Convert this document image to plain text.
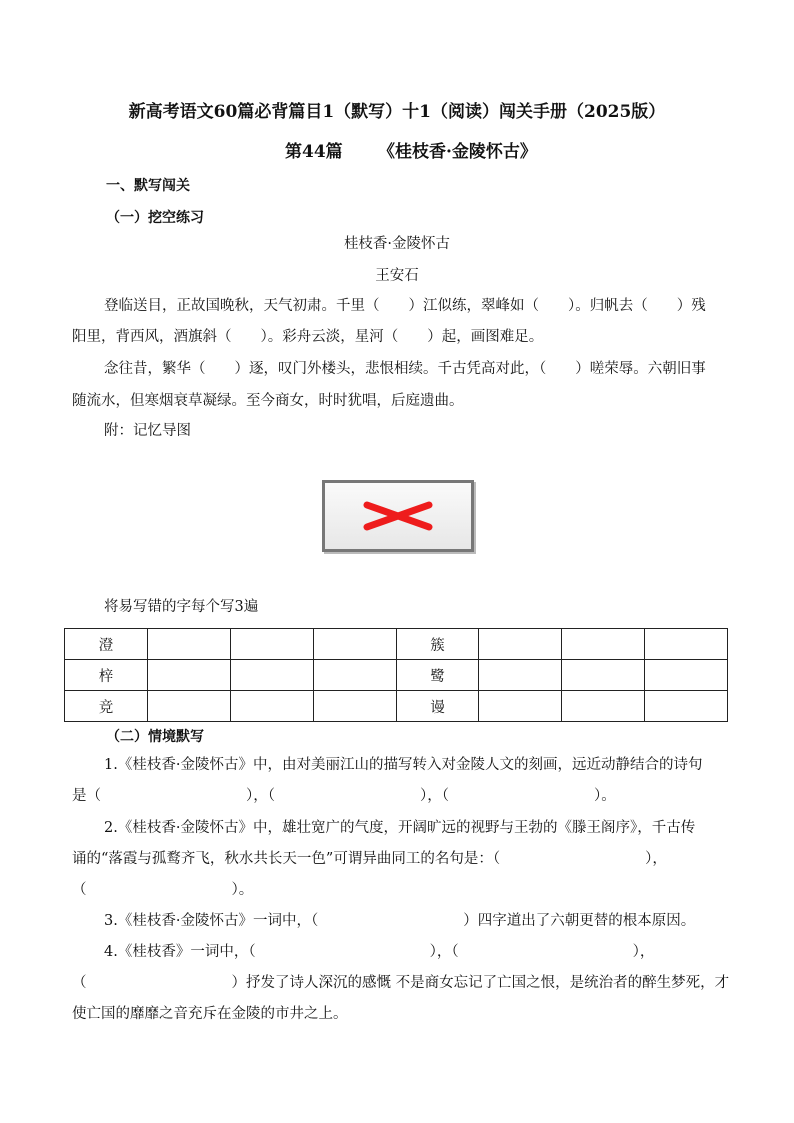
新高考语文60篇必背篇目1（默写）十1（阅读）闯关手册（2025版）
第44篇 《桂枝香·金陵怀古》
一、默写闯关
（一）挖空练习
桂枝香·金陵怀古
王安石
登临送目，正故国晚秋，天气初肃。千里（　　）江似练，翠峰如（　　）。归帆去（　　）残
阳里，背西风，酒旗斜（　　）。彩舟云淡，星河（　　）起，画图难足。
念往昔，繁华（　　）逐，叹门外楼头，悲恨相续。千古凭高对此，（　　）嗟荣辱。六朝旧事
随流水，但寒烟衰草凝绿。至今商女，时时犹唱，后庭遗曲。
附：记忆导图
将易写错的字每个写3遍
澄				簇			
梓				鹭			
竞				谩			
（二）情境默写
1.《桂枝香·金陵怀古》中，由对美丽江山的描写转入对金陵人文的刻画，远近动静结合的诗句
是（　　　　　　　　　　），（　　　　　　　　　　），（　　　　　　　　　　）。
2.《桂枝香·金陵怀古》中，雄壮宽广的气度，开阔旷远的视野与王勃的《滕王阁序》，千古传
诵的“落霞与孤鹜齐飞，秋水共长天一色”可谓异曲同工的名句是：（　　　　　　　　　　），
（　　　　　　　　　　）。
3.《桂枝香·金陵怀古》一词中，（　　　　　　　　　　）四字道出了六朝更替的根本原因。
4.《桂枝香》一词中，（　　　　　　　　　　　　），（　　　　　　　　　　　　），
（　　　　　　　　　　）抒发了诗人深沉的感慨 不是商女忘记了亡国之恨，是统治者的醉生梦死，才
使亡国的靡靡之音充斥在金陵的市井之上。
